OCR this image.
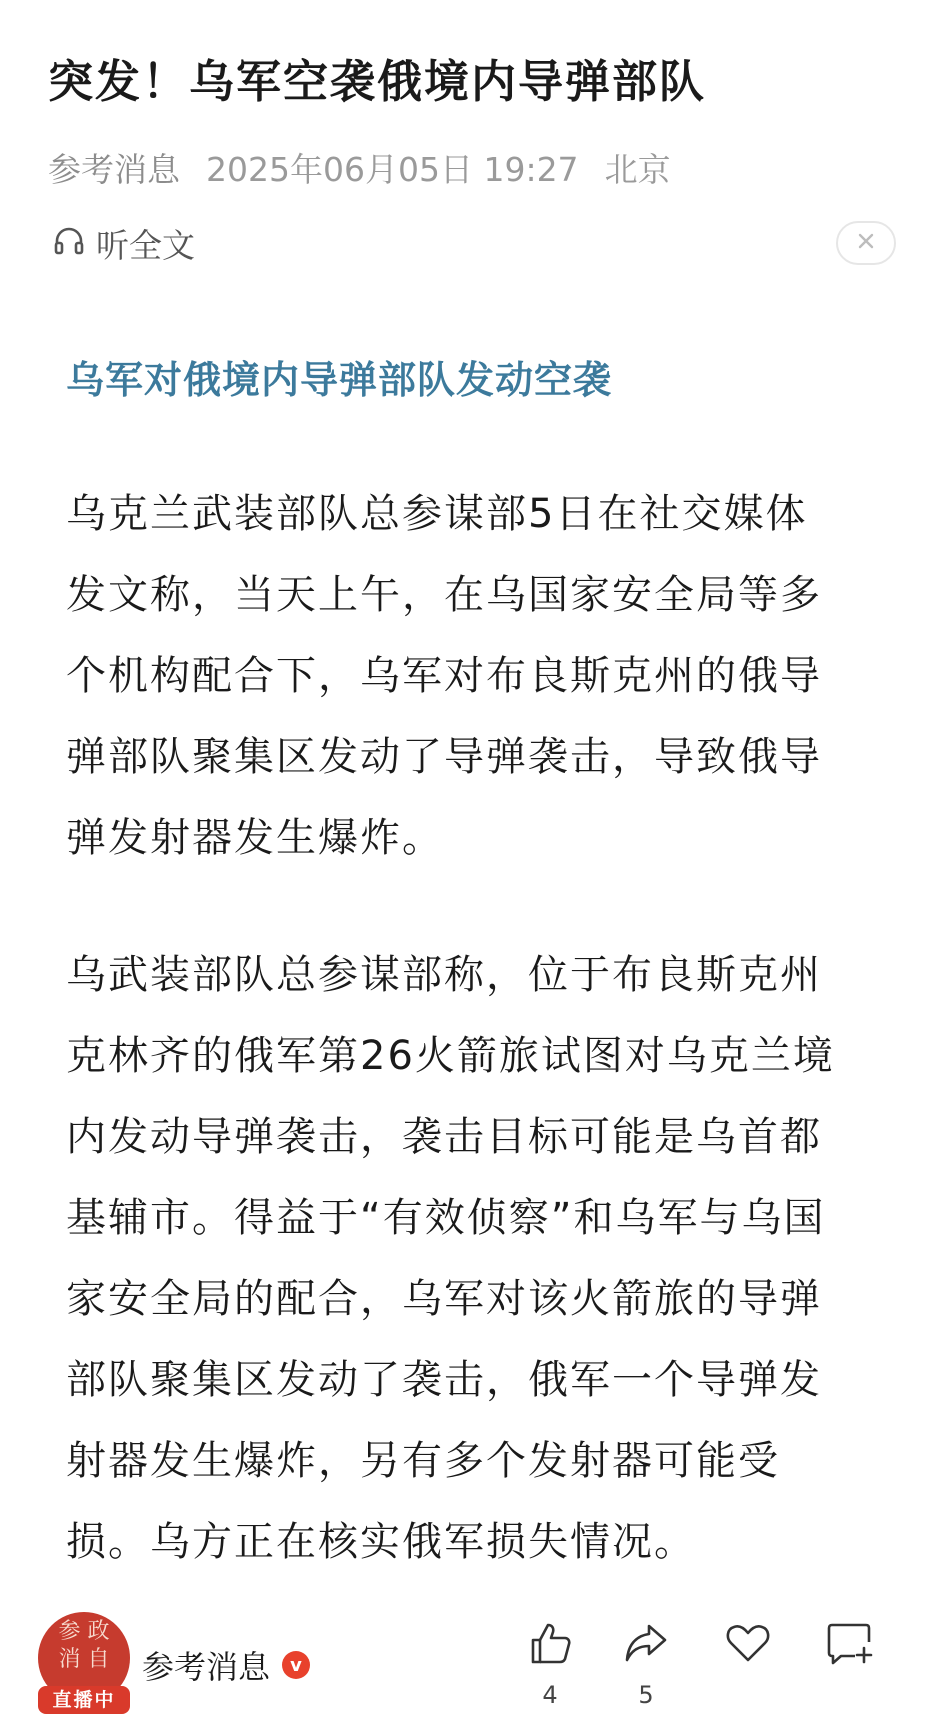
突发！乌军空袭俄境内导弹部队
参考消息 2025年06月05日 19:27 北京
听全文
乌军对俄境内导弹部队发动空袭

乌克兰武装部队总参谋部5日在社交媒体
发文称，当天上午，在乌国家安全局等多
个机构配合下，乌军对布良斯克州的俄导
弹部队聚集区发动了导弹袭击，导致俄导
弹发射器发生爆炸。

乌武装部队总参谋部称，位于布良斯克州
克林齐的俄军第26火箭旅试图对乌克兰境
内发动导弹袭击，袭击目标可能是乌首都
基辅市。得益于“有效侦察”和乌军与乌国
家安全局的配合，乌军对该火箭旅的导弹
部队聚集区发动了袭击，俄军一个导弹发
射器发生爆炸，另有多个发射器可能受
损。乌方正在核实俄军损失情况。

参 政
消 自
直播中
参考消息	v
4	5
